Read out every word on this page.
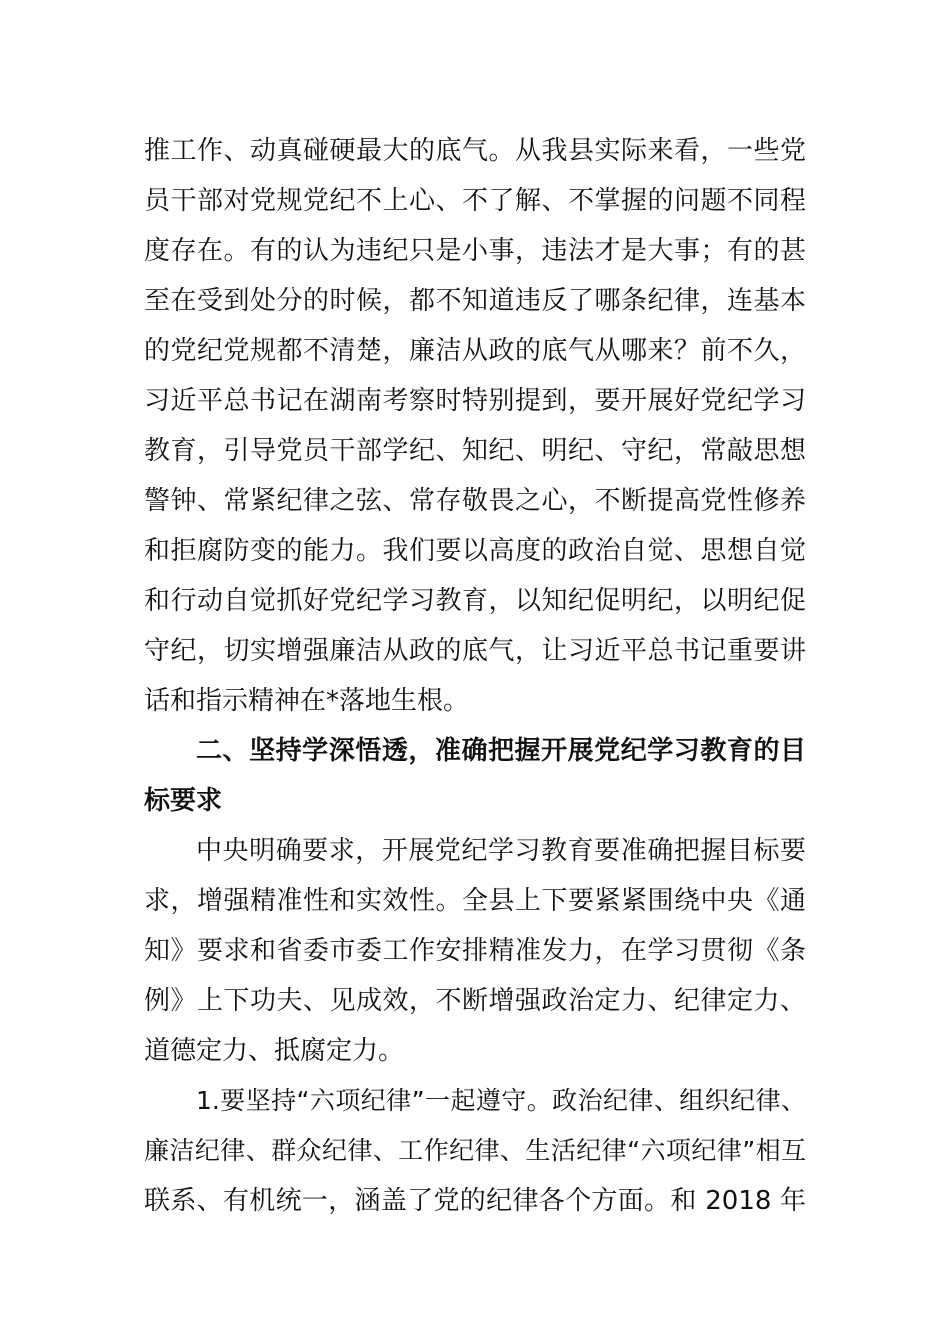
推工作、动真碰硬最大的底气。从我县实际来看，一些党
员干部对党规党纪不上心、不了解、不掌握的问题不同程
度存在。有的认为违纪只是小事，违法才是大事；有的甚
至在受到处分的时候，都不知道违反了哪条纪律，连基本
的党纪党规都不清楚，廉洁从政的底气从哪来？前不久，
习近平总书记在湖南考察时特别提到，要开展好党纪学习
教育，引导党员干部学纪、知纪、明纪、守纪，常敲思想
警钟、常紧纪律之弦、常存敬畏之心，不断提高党性修养
和拒腐防变的能力。我们要以高度的政治自觉、思想自觉
和行动自觉抓好党纪学习教育，以知纪促明纪，以明纪促
守纪，切实增强廉洁从政的底气，让习近平总书记重要讲
话和指示精神在*落地生根。
二、坚持学深悟透，准确把握开展党纪学习教育的目
标要求
中央明确要求，开展党纪学习教育要准确把握目标要
求，增强精准性和实效性。全县上下要紧紧围绕中央《通
知》要求和省委市委工作安排精准发力，在学习贯彻《条
例》上下功夫、见成效，不断增强政治定力、纪律定力、
道德定力、抵腐定力。
1.要坚持“六项纪律”一起遵守。政治纪律、组织纪律、
廉洁纪律、群众纪律、工作纪律、生活纪律“六项纪律”相互
联系、有机统一，涵盖了党的纪律各个方面。和 2018 年
